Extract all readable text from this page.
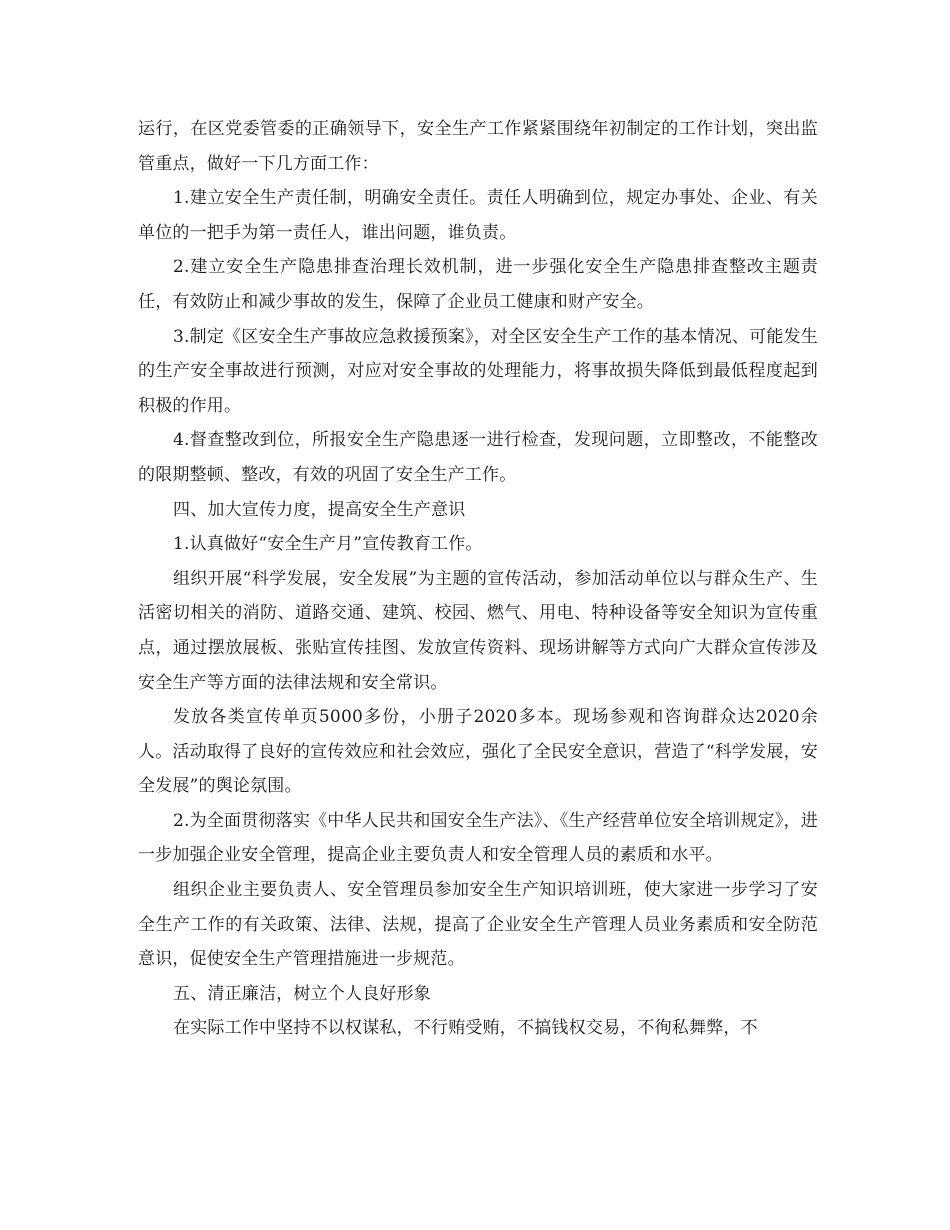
运行，在区党委管委的正确领导下，安全生产工作紧紧围绕年初制定的工作计划，突出监管重点，做好一下几方面工作：

1.建立安全生产责任制，明确安全责任。责任人明确到位，规定办事处、企业、有关单位的一把手为第一责任人，谁出问题，谁负责。

2.建立安全生产隐患排查治理长效机制，进一步强化安全生产隐患排查整改主题责任，有效防止和减少事故的发生，保障了企业员工健康和财产安全。

3.制定《区安全生产事故应急救援预案》，对全区安全生产工作的基本情况、可能发生的生产安全事故进行预测，对应对安全事故的处理能力，将事故损失降低到最低程度起到积极的作用。

4.督查整改到位，所报安全生产隐患逐一进行检查，发现问题，立即整改，不能整改的限期整顿、整改，有效的巩固了安全生产工作。

四、加大宣传力度，提高安全生产意识

1.认真做好“安全生产月”宣传教育工作。

组织开展“科学发展，安全发展”为主题的宣传活动，参加活动单位以与群众生产、生活密切相关的消防、道路交通、建筑、校园、燃气、用电、特种设备等安全知识为宣传重点，通过摆放展板、张贴宣传挂图、发放宣传资料、现场讲解等方式向广大群众宣传涉及安全生产等方面的法律法规和安全常识。

发放各类宣传单页5000多份，小册子2020多本。现场参观和咨询群众达2020余人。活动取得了良好的宣传效应和社会效应，强化了全民安全意识，营造了“科学发展，安全发展”的舆论氛围。

2.为全面贯彻落实《中华人民共和国安全生产法》、《生产经营单位安全培训规定》，进一步加强企业安全管理，提高企业主要负责人和安全管理人员的素质和水平。

组织企业主要负责人、安全管理员参加安全生产知识培训班，使大家进一步学习了安全生产工作的有关政策、法律、法规，提高了企业安全生产管理人员业务素质和安全防范意识，促使安全生产管理措施进一步规范。

五、清正廉洁，树立个人良好形象

在实际工作中坚持不以权谋私，不行贿受贿，不搞钱权交易，不徇私舞弊，不
